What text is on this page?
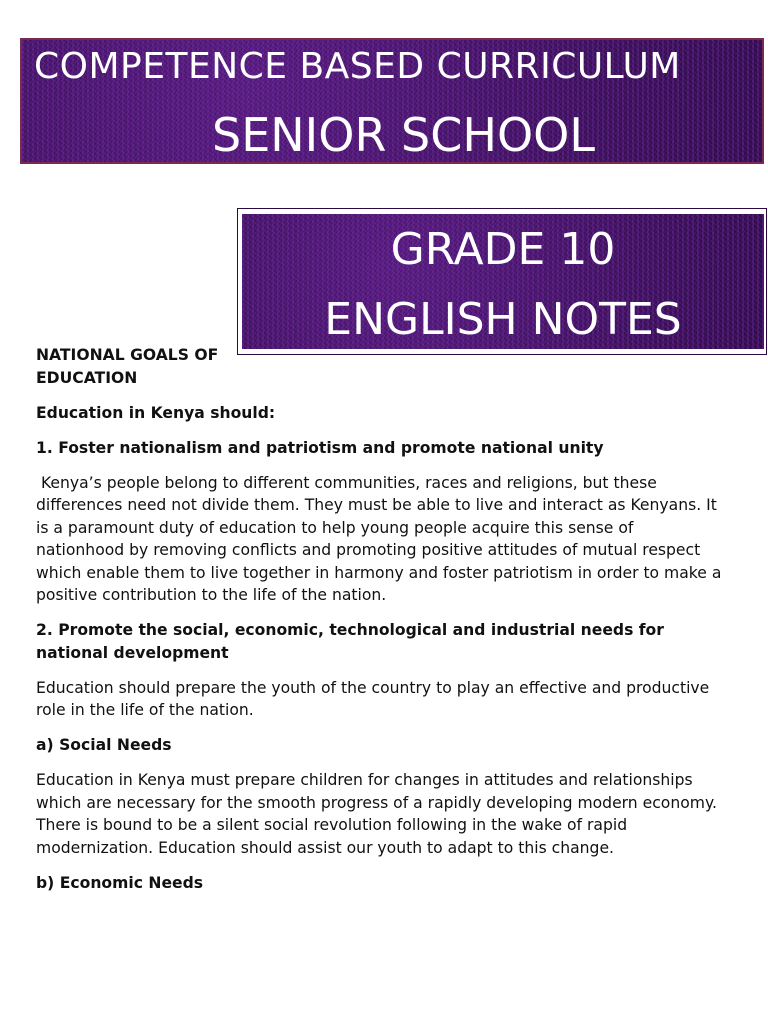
COMPETENCE BASED CURRICULUM
SENIOR SCHOOL
GRADE 10
ENGLISH NOTES

NATIONAL GOALS OF EDUCATION

Education in Kenya should:

1. Foster nationalism and patriotism and promote national unity

Kenya’s people belong to different communities, races and religions, but these differences need not divide them. They must be able to live and interact as Kenyans. It is a paramount duty of education to help young people acquire this sense of nationhood by removing conflicts and promoting positive attitudes of mutual respect which enable them to live together in harmony and foster patriotism in order to make a positive contribution to the life of the nation.

2. Promote the social, economic, technological and industrial needs for national development

Education should prepare the youth of the country to play an effective and productive role in the life of the nation.

a) Social Needs

Education in Kenya must prepare children for changes in attitudes and relationships which are necessary for the smooth progress of a rapidly developing modern economy. There is bound to be a silent social revolution following in the wake of rapid modernization. Education should assist our youth to adapt to this change.

b) Economic Needs
